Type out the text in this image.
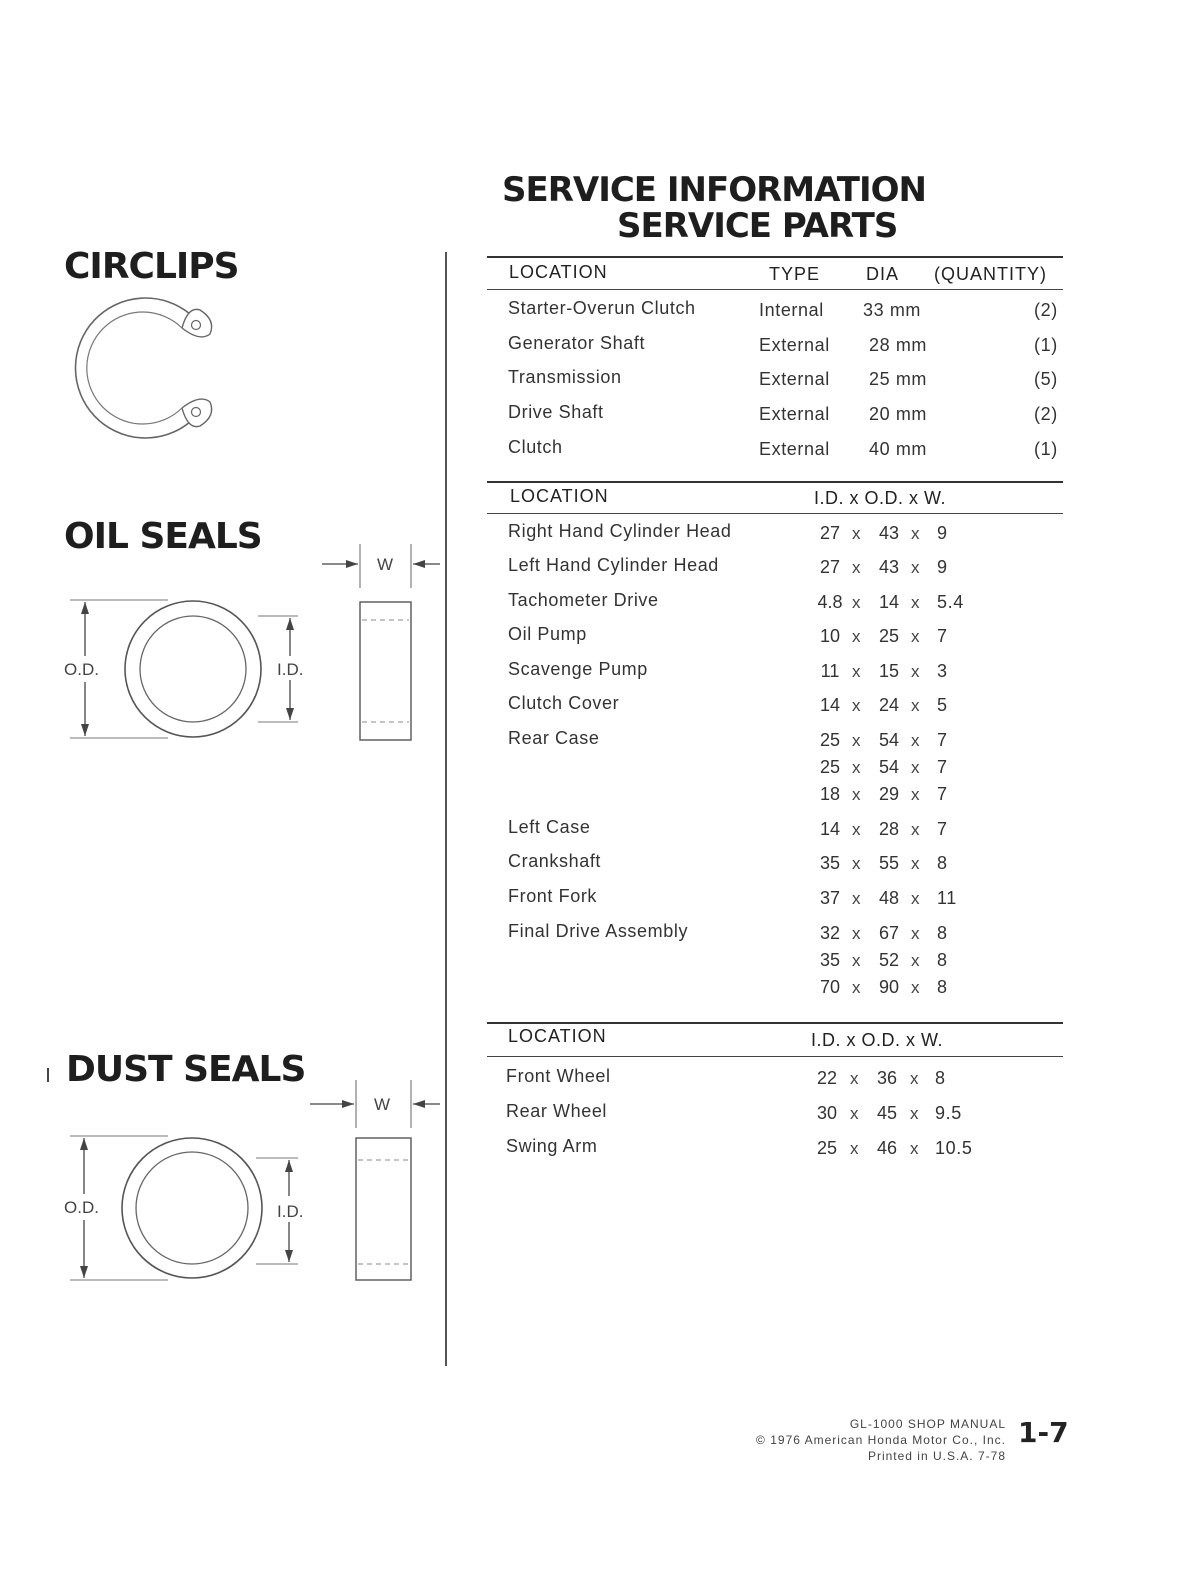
SERVICE INFORMATION
SERVICE PARTS
CIRCLIPS
OIL SEALS
DUST SEALS
O.D.	I.D.
W
O.D.	I.D.
W
LOCATION	TYPE	DIA (QUANTITY)
Starter-Overun Clutch	Internal 33 mm	(2)
Generator Shaft	External 28 mm	(1)
Transmission	External 25 mm	(5)
Drive Shaft	External 20 mm	(2)
Clutch	External 40 mm	(1)
LOCATION	I.D. x O.D. x W.
Right Hand Cylinder Head	27 x	43 x 9
Left Hand Cylinder Head	27 x	43 x 9
Tachometer Drive	4.8 x	14 x 5.4
Oil Pump	10 x	25 x 7
Scavenge Pump	11 x	15 x 3
Clutch Cover	14 x	24 x 5
Rear Case	25 x	54 x 7
25 x	54 x 7
18 x	29 x 7
Left Case	14 x	28 x 7
Crankshaft	35 x	55 x 8
Front Fork	37 x	48 x 11
Final Drive Assembly	32 x	67 x 8
35 x	52 x 8
70 x	90 x 8
LOCATION	I.D. x O.D. x W.
Front Wheel	22 x	36 x 8
Rear Wheel	30 x	45 x 9.5
Swing Arm	25 x	46 x 10.5
GL-1000 SHOP MANUAL
© 1976 American Honda Motor Co., Inc.
Printed in U.S.A. 7-78
1-7
